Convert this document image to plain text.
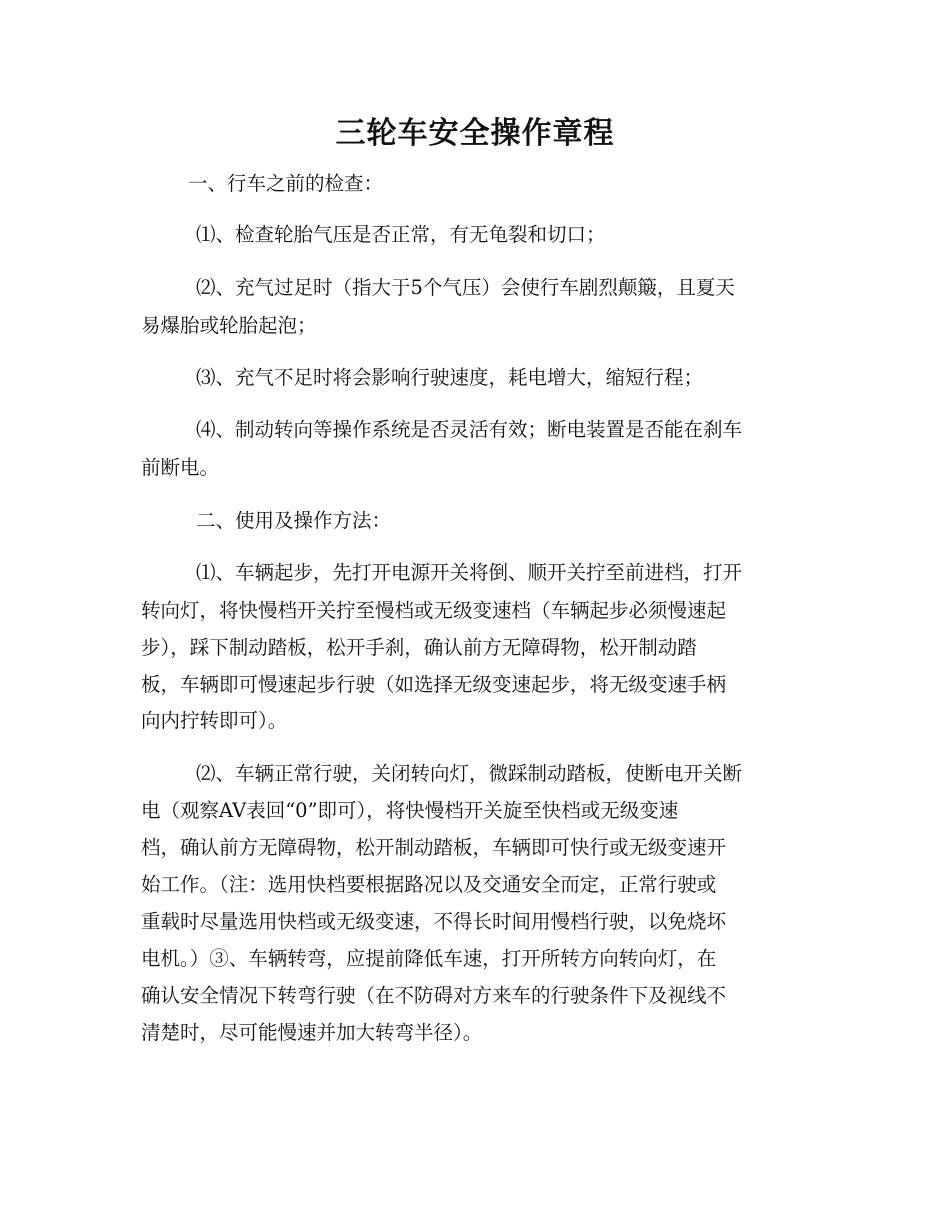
三轮车安全操作章程

一、行车之前的检查：

⑴、检查轮胎气压是否正常，有无龟裂和切口；

⑵、充气过足时（指大于5个气压）会使行车剧烈颠簸，且夏天

易爆胎或轮胎起泡；

⑶、充气不足时将会影响行驶速度，耗电增大，缩短行程；

⑷、制动转向等操作系统是否灵活有效；断电装置是否能在刹车

前断电。

二、使用及操作方法：

⑴、车辆起步，先打开电源开关将倒、顺开关拧至前进档，打开

转向灯，将快慢档开关拧至慢档或无级变速档（车辆起步必须慢速起

步），踩下制动踏板，松开手刹，确认前方无障碍物，松开制动踏

板，车辆即可慢速起步行驶（如选择无级变速起步，将无级变速手柄

向内拧转即可）。

⑵、车辆正常行驶，关闭转向灯，微踩制动踏板，使断电开关断

电（观察AV表回“0”即可），将快慢档开关旋至快档或无级变速

档，确认前方无障碍物，松开制动踏板，车辆即可快行或无级变速开

始工作。（注：选用快档要根据路况以及交通安全而定，正常行驶或

重载时尽量选用快档或无级变速，不得长时间用慢档行驶，以免烧坏

电机。）③、车辆转弯，应提前降低车速，打开所转方向转向灯，在

确认安全情况下转弯行驶（在不防碍对方来车的行驶条件下及视线不

清楚时，尽可能慢速并加大转弯半径）。
